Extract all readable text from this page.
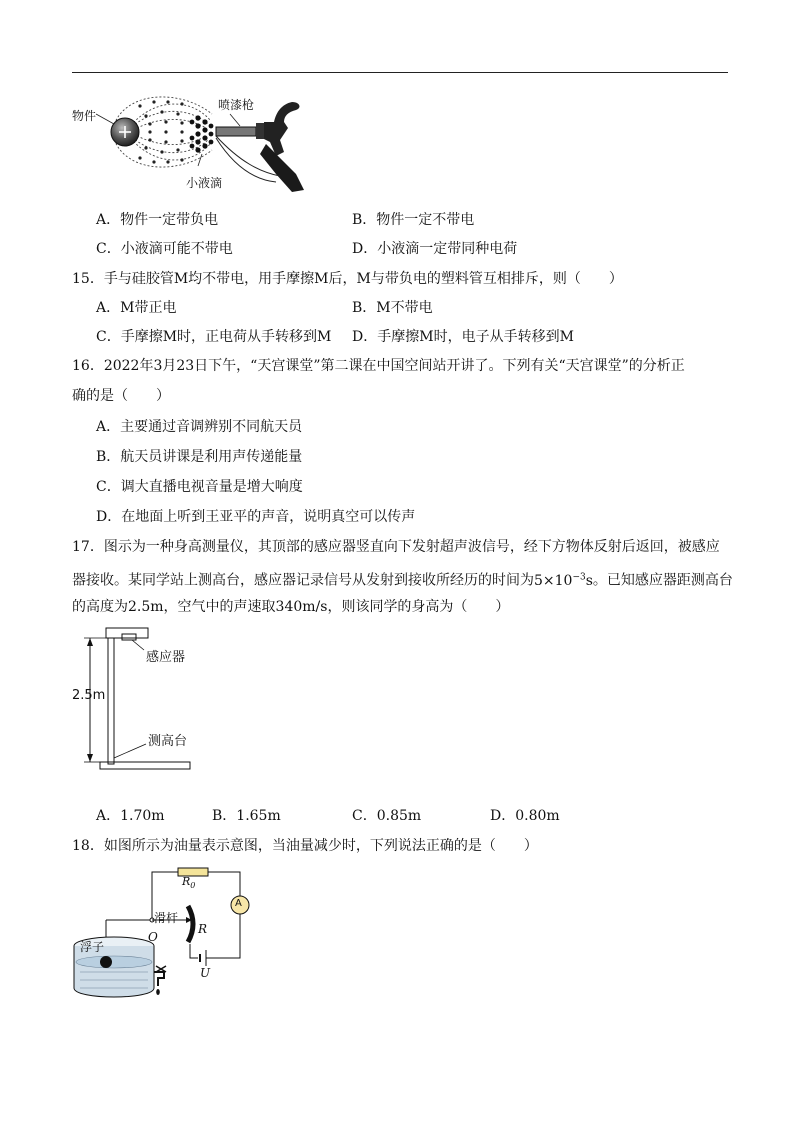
物件
喷漆枪
小液滴
A．物件一定带负电	B．物件一定不带电
C．小液滴可能不带电	D．小液滴一定带同种电荷
15．手与硅胶管M均不带电，用手摩擦M后，M与带负电的塑料管互相排斥，则（　　）
A．M带正电	B．M不带电
C．手摩擦M时，正电荷从手转移到M D．手摩擦M时，电子从手转移到M
16．2022年3月23日下午，“天宫课堂”第二课在中国空间站开讲了。下列有关“天宫课堂”的分析正
确的是（　　）
A．主要通过音调辨别不同航天员
B．航天员讲课是利用声传递能量
C．调大直播电视音量是增大响度
D．在地面上听到王亚平的声音，说明真空可以传声
17．图示为一种身高测量仪，其顶部的感应器竖直向下发射超声波信号，经下方物体反射后返回，被感应
器接收。某同学站上测高台，感应器记录信号从发射到接收所经历的时间为$5\times 10^{-3}s$。已知感应器距测高台
的高度为2.5m，空气中的声速取340m/s，则该同学的身高为（　　）
感应器
2.5m
测高台
A．1.70m	B．1.65m	C．0.85m	D．0.80m
18．如图所示为油量表示意图，当油量减少时，下列说法正确的是（　　）
$R_0$
A
滑杆
O
R
浮子
U
